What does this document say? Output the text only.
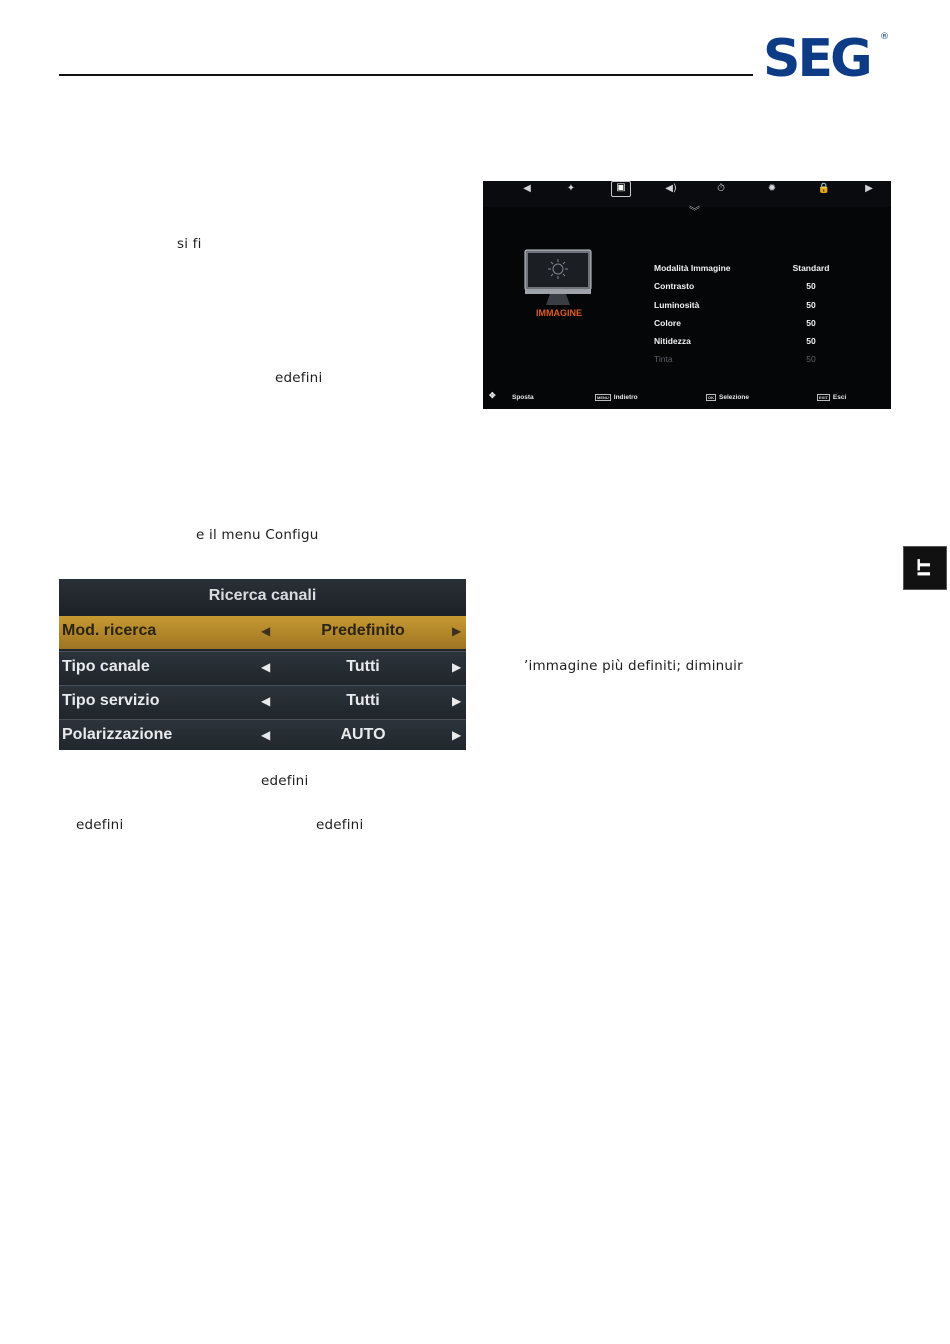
SEG ®
IT
si fi
edefini
e il menu Configu
’immagine più definiti; diminuir
edefini
edefini	edefini
◀	✦	▣	◀)	⏱	✹	🔒	▶
︾
IMMAGINE
Modalità Immagine	Standard
Contrasto	50
Luminosità	50
Colore	50
Nitidezza	50
Tinta	50
✥	Sposta	MENU Indietro	OK Selezione	EXIT Esci
Ricerca canali
Mod. ricerca	◀	Predefinito	▶
Tipo canale	◀	Tutti	▶
Tipo servizio	◀	Tutti	▶
Polarizzazione	◀	AUTO	▶
